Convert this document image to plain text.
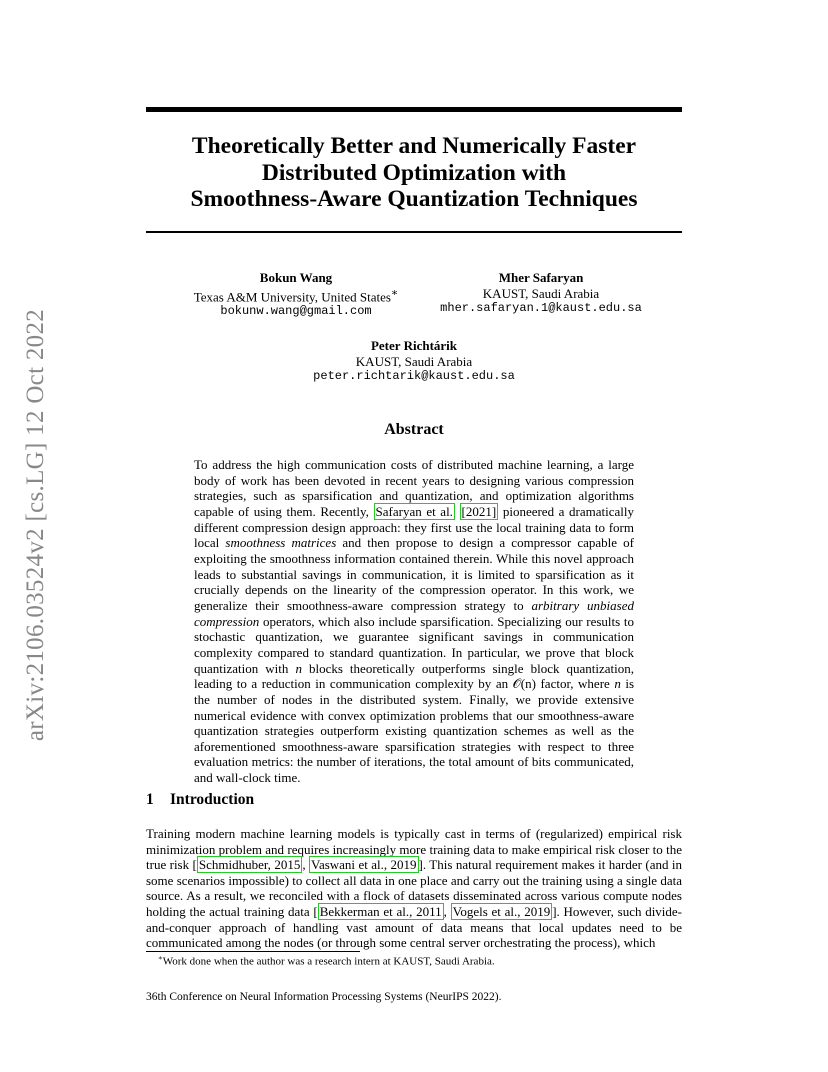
arXiv:2106.03524v2 [cs.LG] 12 Oct 2022
Theoretically Better and Numerically Faster
Distributed Optimization with
Smoothness-Aware Quantization Techniques
Bokun Wang
Texas A&M University, United States∗
bokunw.wang@gmail.com
Mher Safaryan
KAUST, Saudi Arabia
mher.safaryan.1@kaust.edu.sa
Peter Richtárik
KAUST, Saudi Arabia
peter.richtarik@kaust.edu.sa
Abstract
To address the high communication costs of distributed machine learning, a large body of work has been devoted in recent years to designing various compression strategies, such as sparsification and quantization, and optimization algorithms capable of using them. Recently, Safaryan et al. [2021] pioneered a dramatically different compression design approach: they first use the local training data to form local smoothness matrices and then propose to design a compressor capable of exploiting the smoothness information contained therein. While this novel approach leads to substantial savings in communication, it is limited to sparsification as it crucially depends on the linearity of the compression operator. In this work, we generalize their smoothness-aware compression strategy to arbitrary unbiased compression operators, which also include sparsification. Specializing our results to stochastic quantization, we guarantee significant savings in communication complexity compared to standard quantization. In particular, we prove that block quantization with n blocks theoretically outperforms single block quantization, leading to a reduction in communication complexity by an 𝒪(n) factor, where n is the number of nodes in the distributed system. Finally, we provide extensive numerical evidence with convex optimization problems that our smoothness-aware quantization strategies outperform existing quantization schemes as well as the aforementioned smoothness-aware sparsification strategies with respect to three evaluation metrics: the number of iterations, the total amount of bits communicated, and wall-clock time.
1 Introduction
Training modern machine learning models is typically cast in terms of (regularized) empirical risk minimization problem and requires increasingly more training data to make empirical risk closer to the true risk [ Schmidhuber, 2015 , Vaswani et al., 2019 ]. This natural requirement makes it harder (and in some scenarios impossible) to collect all data in one place and carry out the training using a single data source. As a result, we reconciled with a flock of datasets disseminated across various compute nodes holding the actual training data [ Bekkerman et al., 2011 , Vogels et al., 2019 ]. However, such divide-and-conquer approach of handling vast amount of data means that local updates need to be communicated among the nodes (or through some central server orchestrating the process), which
∗Work done when the author was a research intern at KAUST, Saudi Arabia.
36th Conference on Neural Information Processing Systems (NeurIPS 2022).
